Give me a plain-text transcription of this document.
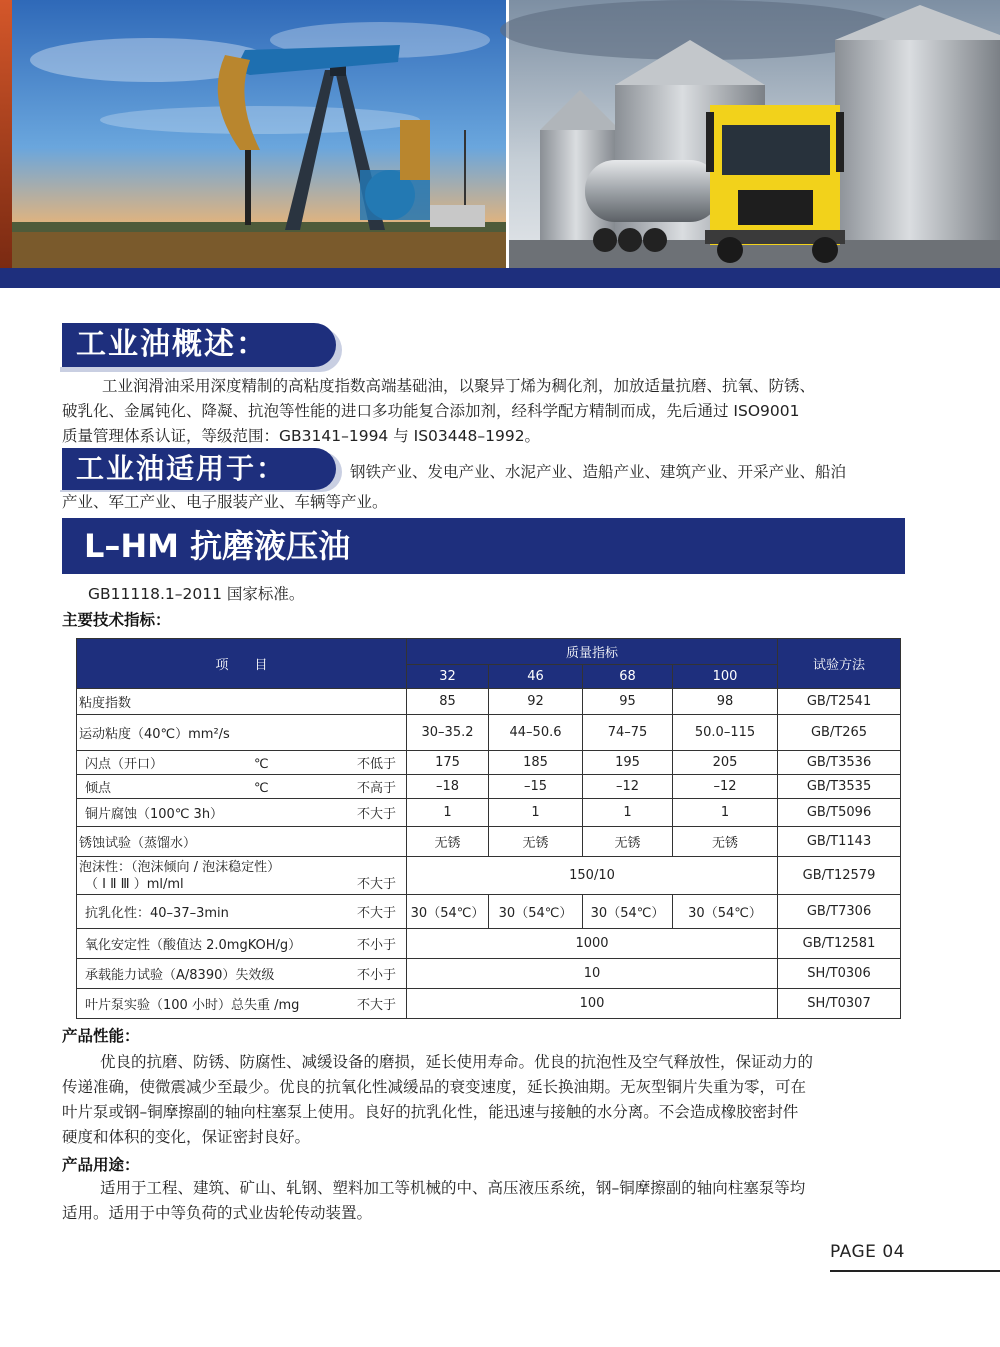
工业油概述：
工业润滑油采用深度精制的高粘度指数高端基础油，以聚异丁烯为稠化剂，加放适量抗磨、抗氧、防锈、
破乳化、金属钝化、降凝、抗泡等性能的进口多功能复合添加剂，经科学配方精制而成，先后通过 ISO9001
质量管理体系认证，等级范围：GB3141–1994 与 IS03448–1992。
工业油适用于：	钢铁产业、发电产业、水泥产业、造船产业、建筑产业、开采产业、船泊
产业、军工产业、电子服装产业、车辆等产业。
L–HM 抗磨液压油
GB11118.1–2011 国家标准。
主要技术指标：
项　　目	质量指标				试验方法
	32	46	68	100	
粘度指数	85	92	95	98	GB/T2541
运动粘度（40℃）mm²/s	30–35.2	44–50.6	74–75	50.0–115	GB/T265
闪点（开口） ℃ 不低于	175	185	195	205	GB/T3536
倾点 ℃ 不高于	–18	–15	–12	–12	GB/T3535
铜片腐蚀（100℃ 3h） 不大于	1	1	1	1	GB/T5096
锈蚀试验（蒸馏水）	无锈	无锈	无锈	无锈	GB/T1143

泡沫性：（泡沫倾向 / 泡沫稳定性）
（ Ⅰ Ⅱ Ⅲ ）ml/ml 不大于	150/10				GB/T12579
抗乳化性：40–37–3min 不大于	30（54℃）	30（54℃）	30（54℃）	30（54℃）	GB/T7306
氧化安定性（酸值达 2.0mgKOH/g） 不小于	1000				GB/T12581
承载能力试验（A/8390）失效级 不小于	10				SH/T0306
叶片泵实验（100 小时）总失重 /mg 不大于	100				SH/T0307
产品性能：
优良的抗磨、防锈、防腐性、减缓设备的磨损，延长使用寿命。优良的抗泡性及空气释放性，保证动力的
传递准确，使微震减少至最少。优良的抗氧化性减缓品的衰变速度，延长换油期。无灰型铜片失重为零，可在
叶片泵或钢–铜摩擦副的轴向柱塞泵上使用。良好的抗乳化性，能迅速与接触的水分离。不会造成橡胶密封件
硬度和体积的变化，保证密封良好。
产品用途：
适用于工程、建筑、矿山、轧钢、塑料加工等机械的中、高压液压系统，钢–铜摩擦副的轴向柱塞泵等均
适用。适用于中等负荷的式业齿轮传动装置。
PAGE 04
